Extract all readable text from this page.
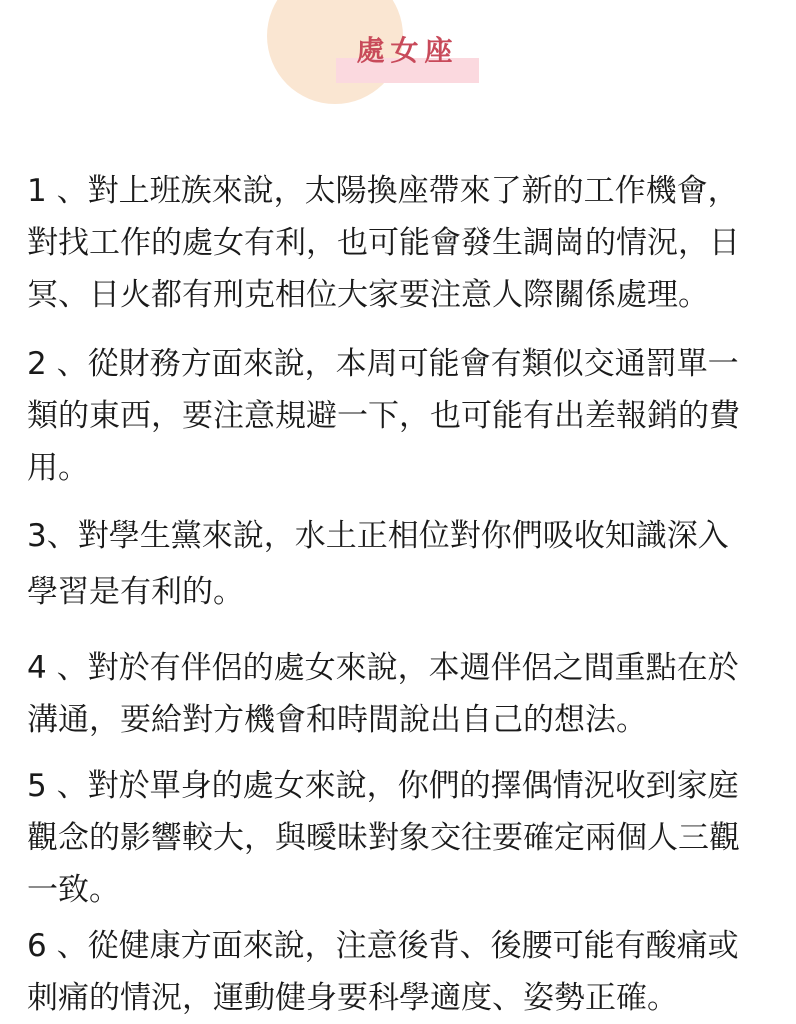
處女座

1 、對上班族來說，太陽換座帶來了新的工作機會，
對找工作的處女有利，也可能會發生調崗的情況，日
冥、日火都有刑克相位大家要注意人際關係處理。

2 、從財務方面來說，本周可能會有類似交通罰單一
類的東西，要注意規避一下，也可能有出差報銷的費
用。

3、對學生黨來說，水土正相位對你們吸收知識深入
學習是有利的。

4 、對於有伴侶的處女來說，本週伴侶之間重點在於
溝通，要給對方機會和時間說出自己的想法。

5 、對於單身的處女來說，你們的擇偶情況收到家庭
觀念的影響較大，與曖昧對象交往要確定兩個人三觀
一致。

6 、從健康方面來說，注意後背、後腰可能有酸痛或
刺痛的情況，運動健身要科學適度、姿勢正確。
